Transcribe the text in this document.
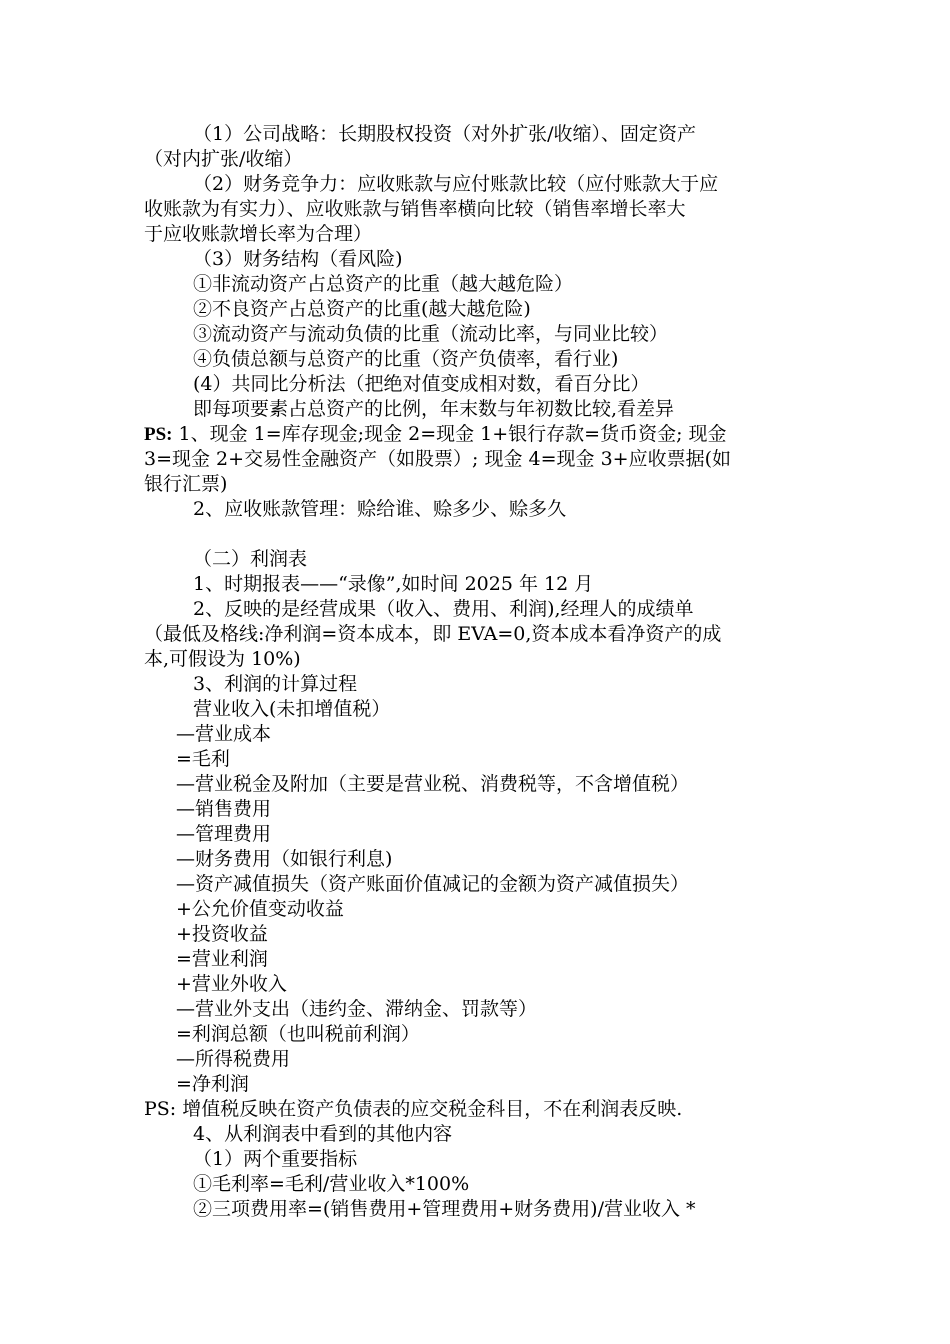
（1）公司战略：长期股权投资（对外扩张/收缩）、固定资产
（对内扩张/收缩）
（2）财务竞争力：应收账款与应付账款比较（应付账款大于应
收账款为有实力）、应收账款与销售率横向比较（销售率增长率大
于应收账款增长率为合理）
（3）财务结构（看风险)
①非流动资产占总资产的比重（越大越危险）
②不良资产占总资产的比重(越大越危险)
③流动资产与流动负债的比重（流动比率，与同业比较）
④负债总额与总资产的比重（资产负债率，看行业)
(4）共同比分析法（把绝对值变成相对数，看百分比）
即每项要素占总资产的比例，年末数与年初数比较,看差异
PS: 1、现金 1=库存现金;现金 2=现金 1+银行存款=货币资金; 现金
3=现金 2+交易性金融资产（如股票）; 现金 4=现金 3+应收票据(如
银行汇票)
2、应收账款管理：赊给谁、赊多少、赊多久
（二）利润表
1、时期报表——“录像”,如时间 2025 年 12 月
2、反映的是经营成果（收入、费用、利润),经理人的成绩单
（最低及格线:净利润=资本成本，即 EVA=0,资本成本看净资产的成
本,可假设为 10%)
3、利润的计算过程
营业收入(未扣增值税）
—营业成本
=毛利
—营业税金及附加（主要是营业税、消费税等，不含增值税）
—销售费用
—管理费用
—财务费用（如银行利息)
—资产减值损失（资产账面价值减记的金额为资产减值损失）
+公允价值变动收益
+投资收益
=营业利润
+营业外收入
—营业外支出（违约金、滞纳金、罚款等）
=利润总额（也叫税前利润）
—所得税费用
=净利润
PS: 增值税反映在资产负债表的应交税金科目，不在利润表反映.
4、从利润表中看到的其他内容
（1）两个重要指标
①毛利率=毛利/营业收入*100%
②三项费用率=(销售费用+管理费用+财务费用)/营业收入 *
